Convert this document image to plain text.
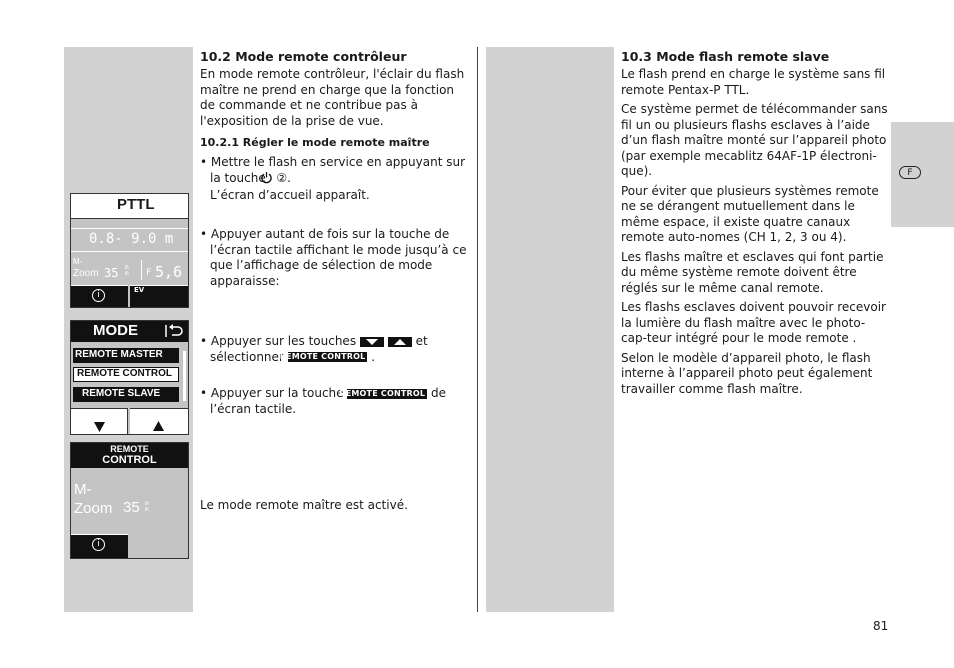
F
10.2 Mode remote contrôleur

En mode remote contrôleur, l'éclair du flash maître ne prend en charge que la fonction de commande et ne contribue pas à l'exposition de la prise de vue.

10.2.1 Régler le mode remote maître
• Mettre le flash en service en appuyant sur la touche ②.
L’écran d’accueil apparaît.
• Appuyer autant de fois sur la touche de l’écran tactile affichant le mode jusqu’à ce que l’affichage de sélection de mode apparaisse:
• Appuyer sur les touches
	et
sélectionner REMOTE CONTROL .
• Appuyer sur la touche REMOTE CONTROL de l’écran tactile.

Le mode remote maître est activé.

PTTL
0.8- 9.0 m
M-
Zoom 35 m m F 5,6
i	EV
MODE
REMOTE MASTER
REMOTE CONTROL
REMOTE SLAVE
REMOTE
CONTROL
M-
Zoom 35 m m
i
10.3 Mode flash remote slave

Le flash prend en charge le système sans fil remote Pentax-P TTL.

Ce système permet de télécommander sans fil un ou plusieurs flashs esclaves à l’aide d’un flash maître monté sur l’appareil photo (par exemple mecablitz 64AF-1P électroni-que).

Pour éviter que plusieurs systèmes remote ne se dérangent mutuellement dans le même espace, il existe quatre canaux remote auto-nomes (CH 1, 2, 3 ou 4).

Les flashs maître et esclaves qui font partie du même système remote doivent être réglés sur le même canal remote.

Les flashs esclaves doivent pouvoir recevoir la lumière du flash maître avec le photo-cap-teur intégré pour le mode remote .

Selon le modèle d’appareil photo, le flash interne à l’appareil photo peut également travailler comme flash maître.

81
